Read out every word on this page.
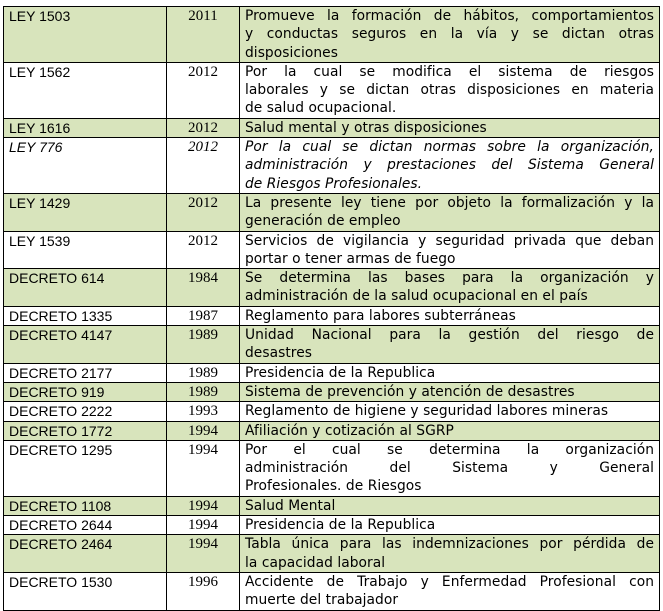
LEY 1503	2011	Promueve la formación de hábitos, comportamientos
y conductas seguros en la vía y se dictan otras
disposiciones

LEY 1562	2012	Por la cual se modifica el sistema de riesgos
laborales y se dictan otras disposiciones en materia
de salud ocupacional.

LEY 1616	2012	Salud mental y otras disposiciones

LEY 776	2012	Por la cual se dictan normas sobre la organización,
administración y prestaciones del Sistema General
de Riesgos Profesionales.

LEY 1429	2012	La presente ley tiene por objeto la formalización y la
generación de empleo

LEY 1539	2012	Servicios de vigilancia y seguridad privada que deban
portar o tener armas de fuego

DECRETO 614	1984	Se determina las bases para la organización y
administración de la salud ocupacional en el país

DECRETO 1335	1987	Reglamento para labores subterráneas

DECRETO 4147	1989	Unidad Nacional para la gestión del riesgo de
desastres

DECRETO 2177	1989	Presidencia de la Republica

DECRETO 919	1989	Sistema de prevención y atención de desastres

DECRETO 2222	1993	Reglamento de higiene y seguridad labores mineras

DECRETO 1772	1994	Afiliación y cotización al SGRP

DECRETO 1295	1994	Por el cual se determina la organización
administración del Sistema y General
Profesionales. de Riesgos

DECRETO 1108	1994	Salud Mental

DECRETO 2644	1994	Presidencia de la Republica

DECRETO 2464	1994	Tabla única para las indemnizaciones por pérdida de
la capacidad laboral

DECRETO 1530	1996	Accidente de Trabajo y Enfermedad Profesional con
muerte del trabajador
